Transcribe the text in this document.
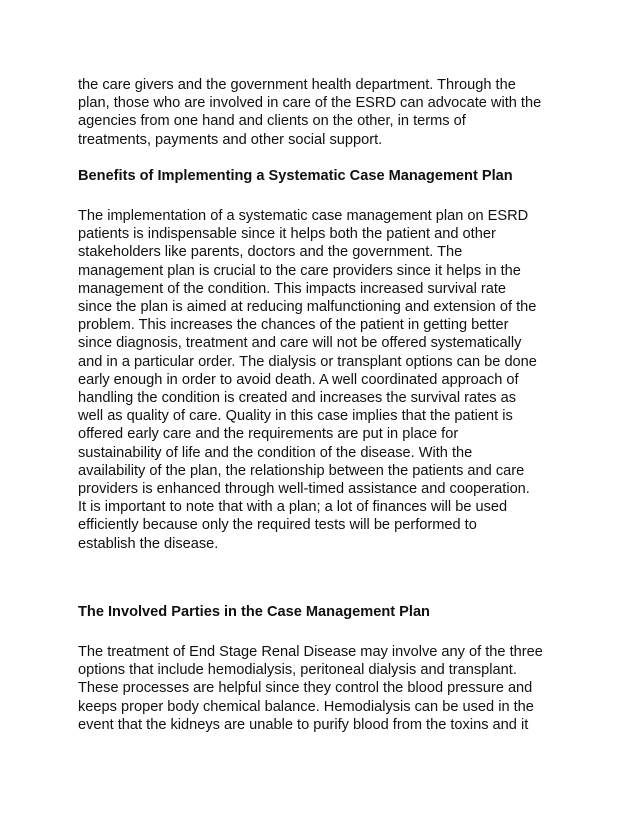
the care givers and the government health department. Through the
plan, those who are involved in care of the ESRD can advocate with the
agencies from one hand and clients on the other, in terms of
treatments, payments and other social support.
Benefits of Implementing a Systematic Case Management Plan
The implementation of a systematic case management plan on ESRD
patients is indispensable since it helps both the patient and other
stakeholders like parents, doctors and the government. The
management plan is crucial to the care providers since it helps in the
management of the condition. This impacts increased survival rate
since the plan is aimed at reducing malfunctioning and extension of the
problem. This increases the chances of the patient in getting better
since diagnosis, treatment and care will not be offered systematically
and in a particular order. The dialysis or transplant options can be done
early enough in order to avoid death. A well coordinated approach of
handling the condition is created and increases the survival rates as
well as quality of care. Quality in this case implies that the patient is
offered early care and the requirements are put in place for
sustainability of life and the condition of the disease. With the
availability of the plan, the relationship between the patients and care
providers is enhanced through well-timed assistance and cooperation.
It is important to note that with a plan; a lot of finances will be used
efficiently because only the required tests will be performed to
establish the disease.
The Involved Parties in the Case Management Plan
The treatment of End Stage Renal Disease may involve any of the three
options that include hemodialysis, peritoneal dialysis and transplant.
These processes are helpful since they control the blood pressure and
keeps proper body chemical balance. Hemodialysis can be used in the
event that the kidneys are unable to purify blood from the toxins and it
